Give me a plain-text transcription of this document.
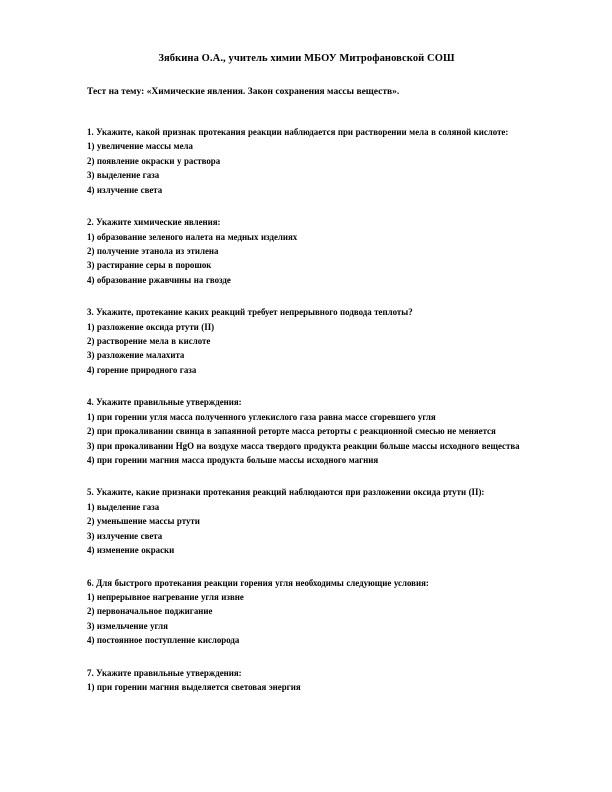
Зябкина О.А., учитель химии МБОУ Митрофановской СОШ
Тест на тему: «Химические явления. Закон сохранения массы веществ».

1. Укажите, какой признак протекания реакции наблюдается при растворении мела в соляной кислоте:

1) увеличение массы мела
2) появление окраски у раствора
3) выделение газа
4) излучение света

2. Укажите химические явления:

1) образование зеленого налета на медных изделиях
2) получение этанола из этилена
3) растирание серы в порошок
4) образование ржавчины на гвозде

3. Укажите, протекание каких реакций требует непрерывного подвода теплоты?

1) разложение оксида ртути (II)
2) растворение мела в кислоте
3) разложение малахита
4) горение природного газа

4. Укажите правильные утверждения:

1) при горении угля масса полученного углекислого газа равна массе сгоревшего угля
2) при прокаливании свинца в запаянной реторте масса реторты с реакционной смесью не меняется
3) при прокаливании HgO на воздухе масса твердого продукта реакции больше массы исходного вещества
4) при горении магния масса продукта больше массы исходного магния

5. Укажите, какие признаки протекания реакций наблюдаются при разложении оксида ртути (II):

1) выделение газа
2) уменьшение массы ртути
3) излучение света
4) изменение окраски

6. Для быстрого протекания реакции горения угля необходимы следующие условия:

1) непрерывное нагревание угля извне
2) первоначальное поджигание
3) измельчение угля
4) постоянное поступление кислорода

7. Укажите правильные утверждения:

1) при горении магния выделяется световая энергия
